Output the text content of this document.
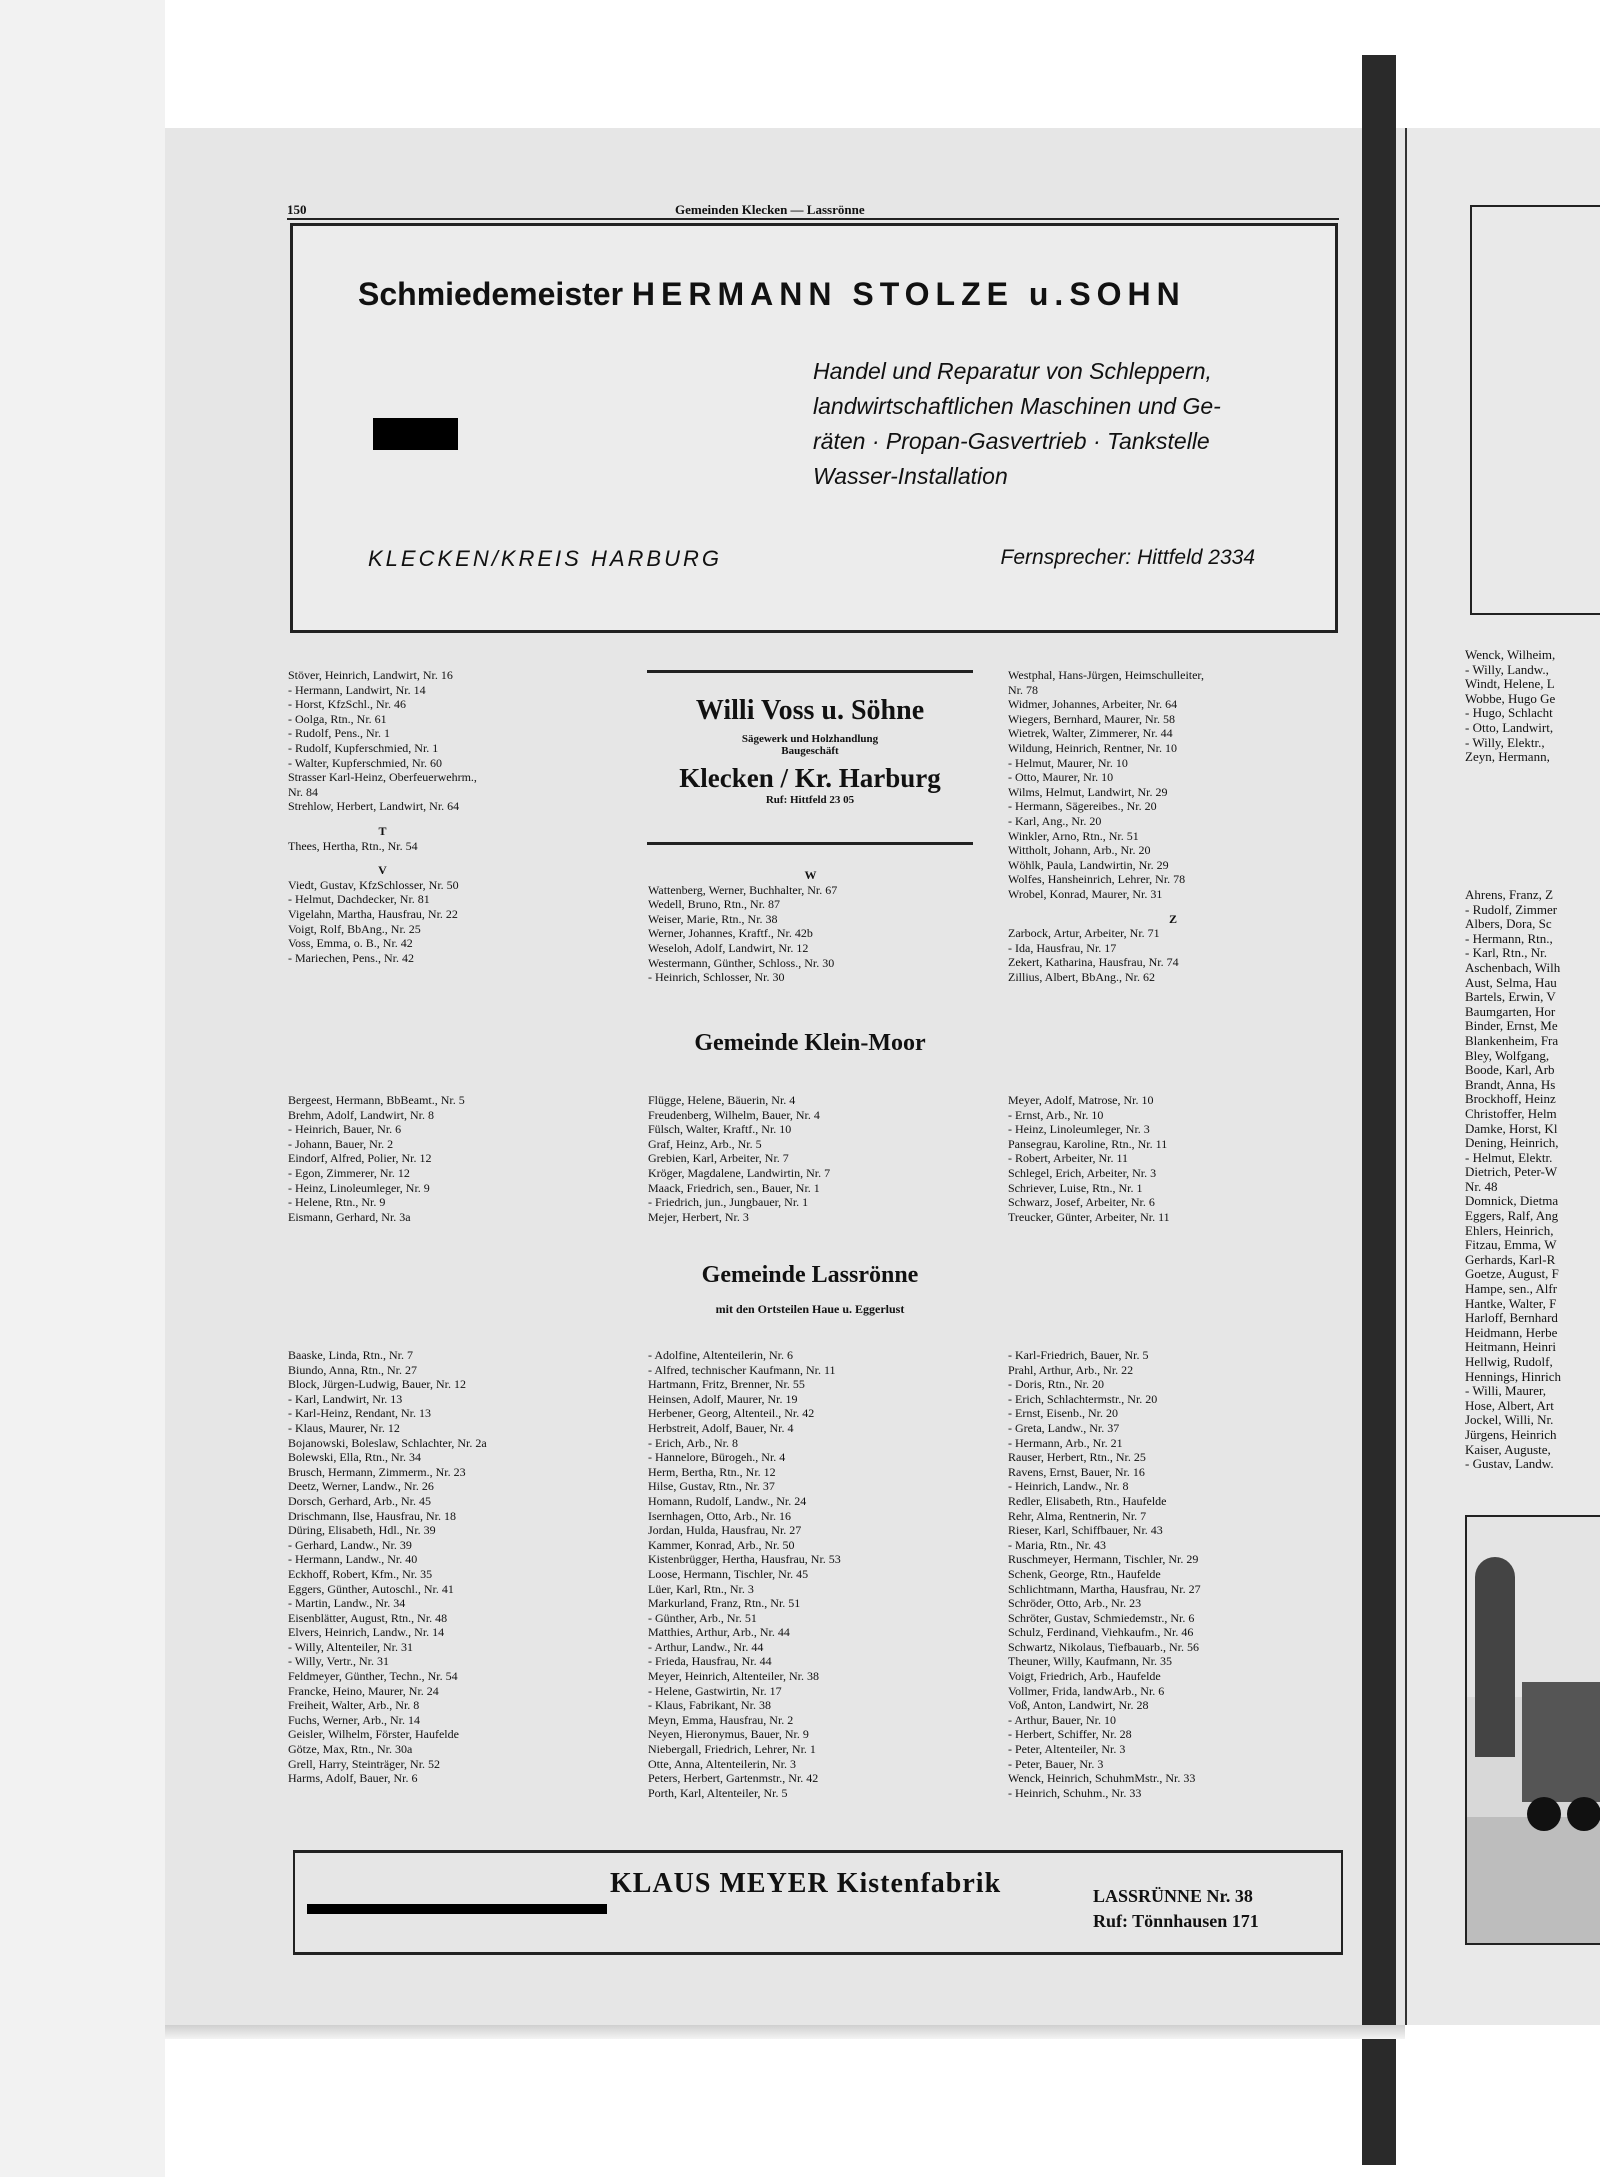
150	Gemeinden Klecken — Lassrönne
Schmiedemeister HERMANN STOLZE u.SOHN
Handel und Reparatur von Schleppern,
landwirtschaftlichen Maschinen und Ge-
räten · Propan-Gasvertrieb · Tankstelle
Wasser-Installation
KLECKEN/KREIS HARBURG	Fernsprecher: Hittfeld 2334
Stöver, Heinrich, Landwirt, Nr. 16
- Hermann, Landwirt, Nr. 14
- Horst, KfzSchl., Nr. 46
- Oolga, Rtn., Nr. 61
- Rudolf, Pens., Nr. 1
- Rudolf, Kupferschmied, Nr. 1
- Walter, Kupferschmied, Nr. 60
Strasser Karl-Heinz, Oberfeuerwehrm.,
Nr. 84
Strehlow, Herbert, Landwirt, Nr. 64
T
Thees, Hertha, Rtn., Nr. 54
V
Viedt, Gustav, KfzSchlosser, Nr. 50
- Helmut, Dachdecker, Nr. 81
Vigelahn, Martha, Hausfrau, Nr. 22
Voigt, Rolf, BbAng., Nr. 25
Voss, Emma, o. B., Nr. 42
- Mariechen, Pens., Nr. 42
Willi Voss u. Söhne
Sägewerk und Holzhandlung
Baugeschäft
Klecken / Kr. Harburg
Ruf: Hittfeld 23 05
W
Wattenberg, Werner, Buchhalter, Nr. 67
Wedell, Bruno, Rtn., Nr. 87
Weiser, Marie, Rtn., Nr. 38
Werner, Johannes, Kraftf., Nr. 42b
Weseloh, Adolf, Landwirt, Nr. 12
Westermann, Günther, Schloss., Nr. 30
- Heinrich, Schlosser, Nr. 30
Westphal, Hans-Jürgen, Heimschulleiter,
Nr. 78
Widmer, Johannes, Arbeiter, Nr. 64
Wiegers, Bernhard, Maurer, Nr. 58
Wietrek, Walter, Zimmerer, Nr. 44
Wildung, Heinrich, Rentner, Nr. 10
- Helmut, Maurer, Nr. 10
- Otto, Maurer, Nr. 10
Wilms, Helmut, Landwirt, Nr. 29
- Hermann, Sägereibes., Nr. 20
- Karl, Ang., Nr. 20
Winkler, Arno, Rtn., Nr. 51
Wittholt, Johann, Arb., Nr. 20
Wöhlk, Paula, Landwirtin, Nr. 29
Wolfes, Hansheinrich, Lehrer, Nr. 78
Wrobel, Konrad, Maurer, Nr. 31
Z
Zarbock, Artur, Arbeiter, Nr. 71
- Ida, Hausfrau, Nr. 17
Zekert, Katharina, Hausfrau, Nr. 74
Zillius, Albert, BbAng., Nr. 62
Gemeinde Klein-Moor
Bergeest, Hermann, BbBeamt., Nr. 5
Brehm, Adolf, Landwirt, Nr. 8
- Heinrich, Bauer, Nr. 6
- Johann, Bauer, Nr. 2
Eindorf, Alfred, Polier, Nr. 12
- Egon, Zimmerer, Nr. 12
- Heinz, Linoleumleger, Nr. 9
- Helene, Rtn., Nr. 9
Eismann, Gerhard, Nr. 3a
Flügge, Helene, Bäuerin, Nr. 4
Freudenberg, Wilhelm, Bauer, Nr. 4
Fülsch, Walter, Kraftf., Nr. 10
Graf, Heinz, Arb., Nr. 5
Grebien, Karl, Arbeiter, Nr. 7
Kröger, Magdalene, Landwirtin, Nr. 7
Maack, Friedrich, sen., Bauer, Nr. 1
- Friedrich, jun., Jungbauer, Nr. 1
Mejer, Herbert, Nr. 3
Meyer, Adolf, Matrose, Nr. 10
- Ernst, Arb., Nr. 10
- Heinz, Linoleumleger, Nr. 3
Pansegrau, Karoline, Rtn., Nr. 11
- Robert, Arbeiter, Nr. 11
Schlegel, Erich, Arbeiter, Nr. 3
Schriever, Luise, Rtn., Nr. 1
Schwarz, Josef, Arbeiter, Nr. 6
Treucker, Günter, Arbeiter, Nr. 11
Gemeinde Lassrönne
mit den Ortsteilen Haue u. Eggerlust
Baaske, Linda, Rtn., Nr. 7
Biundo, Anna, Rtn., Nr. 27
Block, Jürgen-Ludwig, Bauer, Nr. 12
- Karl, Landwirt, Nr. 13
- Karl-Heinz, Rendant, Nr. 13
- Klaus, Maurer, Nr. 12
Bojanowski, Boleslaw, Schlachter, Nr. 2a
Bolewski, Ella, Rtn., Nr. 34
Brusch, Hermann, Zimmerm., Nr. 23
Deetz, Werner, Landw., Nr. 26
Dorsch, Gerhard, Arb., Nr. 45
Drischmann, Ilse, Hausfrau, Nr. 18
Düring, Elisabeth, Hdl., Nr. 39
- Gerhard, Landw., Nr. 39
- Hermann, Landw., Nr. 40
Eckhoff, Robert, Kfm., Nr. 35
Eggers, Günther, Autoschl., Nr. 41
- Martin, Landw., Nr. 34
Eisenblätter, August, Rtn., Nr. 48
Elvers, Heinrich, Landw., Nr. 14
- Willy, Altenteiler, Nr. 31
- Willy, Vertr., Nr. 31
Feldmeyer, Günther, Techn., Nr. 54
Francke, Heino, Maurer, Nr. 24
Freiheit, Walter, Arb., Nr. 8
Fuchs, Werner, Arb., Nr. 14
Geisler, Wilhelm, Förster, Haufelde
Götze, Max, Rtn., Nr. 30a
Grell, Harry, Steinträger, Nr. 52
Harms, Adolf, Bauer, Nr. 6
- Adolfine, Altenteilerin, Nr. 6
- Alfred, technischer Kaufmann, Nr. 11
Hartmann, Fritz, Brenner, Nr. 55
Heinsen, Adolf, Maurer, Nr. 19
Herbener, Georg, Altenteil., Nr. 42
Herbstreit, Adolf, Bauer, Nr. 4
- Erich, Arb., Nr. 8
- Hannelore, Bürogeh., Nr. 4
Herm, Bertha, Rtn., Nr. 12
Hilse, Gustav, Rtn., Nr. 37
Homann, Rudolf, Landw., Nr. 24
Isernhagen, Otto, Arb., Nr. 16
Jordan, Hulda, Hausfrau, Nr. 27
Kammer, Konrad, Arb., Nr. 50
Kistenbrügger, Hertha, Hausfrau, Nr. 53
Loose, Hermann, Tischler, Nr. 45
Lüer, Karl, Rtn., Nr. 3
Markurland, Franz, Rtn., Nr. 51
- Günther, Arb., Nr. 51
Matthies, Arthur, Arb., Nr. 44
- Arthur, Landw., Nr. 44
- Frieda, Hausfrau, Nr. 44
Meyer, Heinrich, Altenteiler, Nr. 38
- Helene, Gastwirtin, Nr. 17
- Klaus, Fabrikant, Nr. 38
Meyn, Emma, Hausfrau, Nr. 2
Neyen, Hieronymus, Bauer, Nr. 9
Niebergall, Friedrich, Lehrer, Nr. 1
Otte, Anna, Altenteilerin, Nr. 3
Peters, Herbert, Gartenmstr., Nr. 42
Porth, Karl, Altenteiler, Nr. 5
- Karl-Friedrich, Bauer, Nr. 5
Prahl, Arthur, Arb., Nr. 22
- Doris, Rtn., Nr. 20
- Erich, Schlachtermstr., Nr. 20
- Ernst, Eisenb., Nr. 20
- Greta, Landw., Nr. 37
- Hermann, Arb., Nr. 21
Rauser, Herbert, Rtn., Nr. 25
Ravens, Ernst, Bauer, Nr. 16
- Heinrich, Landw., Nr. 8
Redler, Elisabeth, Rtn., Haufelde
Rehr, Alma, Rentnerin, Nr. 7
Rieser, Karl, Schiffbauer, Nr. 43
- Maria, Rtn., Nr. 43
Ruschmeyer, Hermann, Tischler, Nr. 29
Schenk, George, Rtn., Haufelde
Schlichtmann, Martha, Hausfrau, Nr. 27
Schröder, Otto, Arb., Nr. 23
Schröter, Gustav, Schmiedemstr., Nr. 6
Schulz, Ferdinand, Viehkaufm., Nr. 46
Schwartz, Nikolaus, Tiefbauarb., Nr. 56
Theuner, Willy, Kaufmann, Nr. 35
Voigt, Friedrich, Arb., Haufelde
Vollmer, Frida, landwArb., Nr. 6
Voß, Anton, Landwirt, Nr. 28
- Arthur, Bauer, Nr. 10
- Herbert, Schiffer, Nr. 28
- Peter, Altenteiler, Nr. 3
- Peter, Bauer, Nr. 3
Wenck, Heinrich, SchuhmMstr., Nr. 33
- Heinrich, Schuhm., Nr. 33
KLAUS MEYER Kistenfabrik	LASSRÜNNE Nr. 38
Ruf: Tönnhausen 171
Wenck, Wilheim,
- Willy, Landw.,
Windt, Helene, L
Wobbe, Hugo Ge
- Hugo, Schlacht
- Otto, Landwirt,
- Willy, Elektr.,
Zeyn, Hermann,
Ahrens, Franz, Z
- Rudolf, Zimmer
Albers, Dora, Sc
- Hermann, Rtn.,
- Karl, Rtn., Nr.
Aschenbach, Wilh
Aust, Selma, Hau
Bartels, Erwin, V
Baumgarten, Hor
Binder, Ernst, Me
Blankenheim, Fra
Bley, Wolfgang,
Boode, Karl, Arb
Brandt, Anna, Hs
Brockhoff, Heinz
Christoffer, Helm
Damke, Horst, Kl
Dening, Heinrich,
- Helmut, Elektr.
Dietrich, Peter-W
Nr. 48
Domnick, Dietma
Eggers, Ralf, Ang
Ehlers, Heinrich,
Fitzau, Emma, W
Gerhards, Karl-R
Goetze, August, F
Hampe, sen., Alfr
Hantke, Walter, F
Harloff, Bernhard
Heidmann, Herbe
Heitmann, Heinri
Hellwig, Rudolf,
Hennings, Hinrich
- Willi, Maurer,
Hose, Albert, Art
Jockel, Willi, Nr.
Jürgens, Heinrich
Kaiser, Auguste,
- Gustav, Landw.
